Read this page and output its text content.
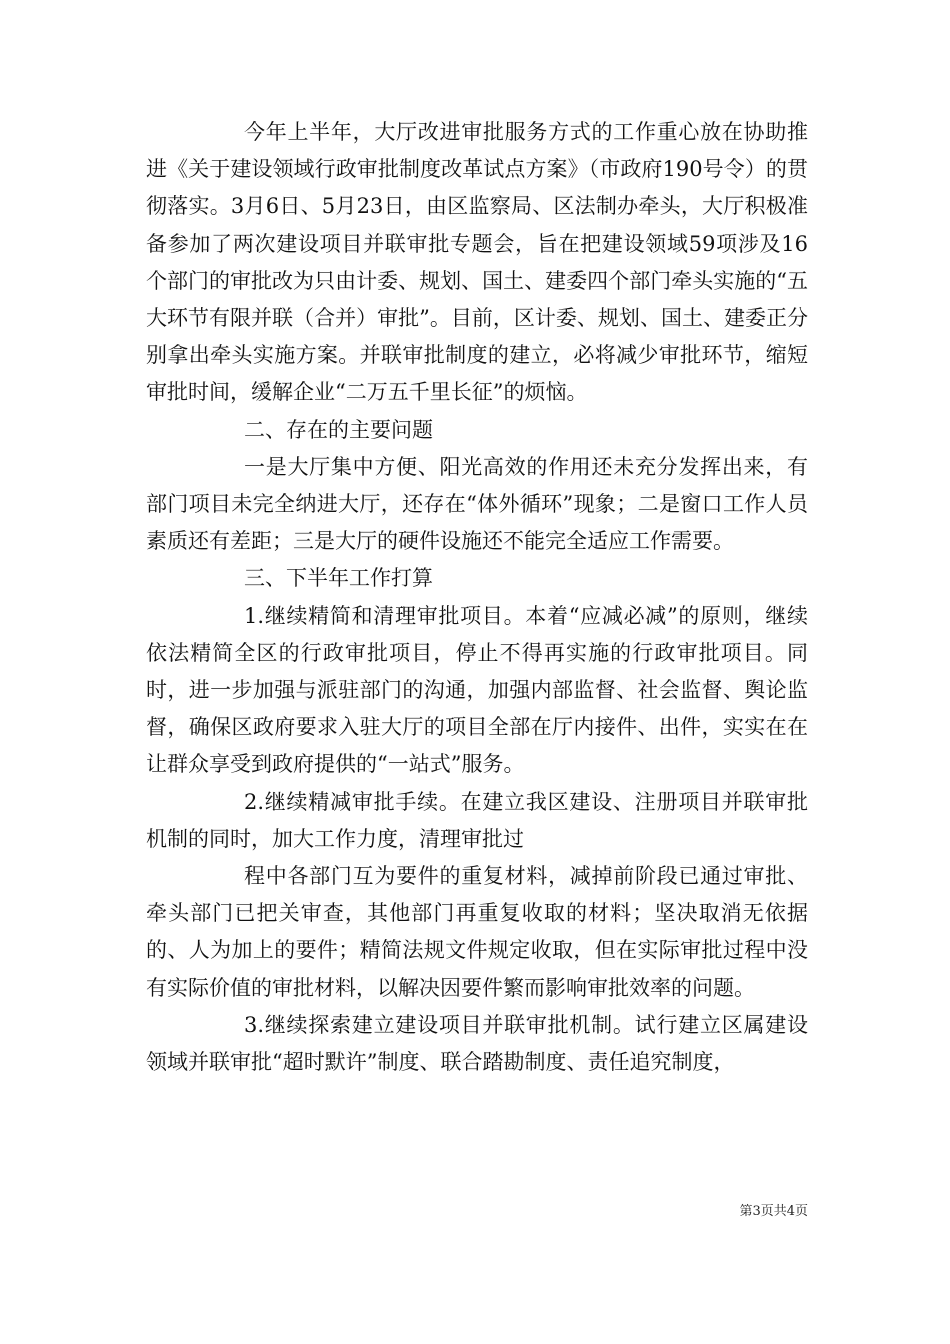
今年上半年，大厅改进审批服务方式的工作重心放在协助推进《关于建设领域行政审批制度改革试点方案》（市政府190号令）的贯彻落实。3月6日、5月23日，由区监察局、区法制办牵头，大厅积极准备参加了两次建设项目并联审批专题会，旨在把建设领域59项涉及16个部门的审批改为只由计委、规划、国土、建委四个部门牵头实施的“五大环节有限并联（合并）审批”。目前，区计委、规划、国土、建委正分别拿出牵头实施方案。并联审批制度的建立，必将减少审批环节，缩短审批时间，缓解企业“二万五千里长征”的烦恼。

二、存在的主要问题

一是大厅集中方便、阳光高效的作用还未充分发挥出来，有部门项目未完全纳进大厅，还存在“体外循环”现象；二是窗口工作人员素质还有差距；三是大厅的硬件设施还不能完全适应工作需要。

三、下半年工作打算

1.继续精简和清理审批项目。本着“应减必减”的原则，继续依法精简全区的行政审批项目，停止不得再实施的行政审批项目。同时，进一步加强与派驻部门的沟通，加强内部监督、社会监督、舆论监督，确保区政府要求入驻大厅的项目全部在厅内接件、出件，实实在在让群众享受到政府提供的“一站式”服务。

2.继续精减审批手续。在建立我区建设、注册项目并联审批机制的同时，加大工作力度，清理审批过

程中各部门互为要件的重复材料，减掉前阶段已通过审批、牵头部门已把关审查，其他部门再重复收取的材料；坚决取消无依据的、人为加上的要件；精简法规文件规定收取，但在实际审批过程中没有实际价值的审批材料，以解决因要件繁而影响审批效率的问题。

3.继续探索建立建设项目并联审批机制。试行建立区属建设领域并联审批“超时默许”制度、联合踏勘制度、责任追究制度，

第3页共4页
